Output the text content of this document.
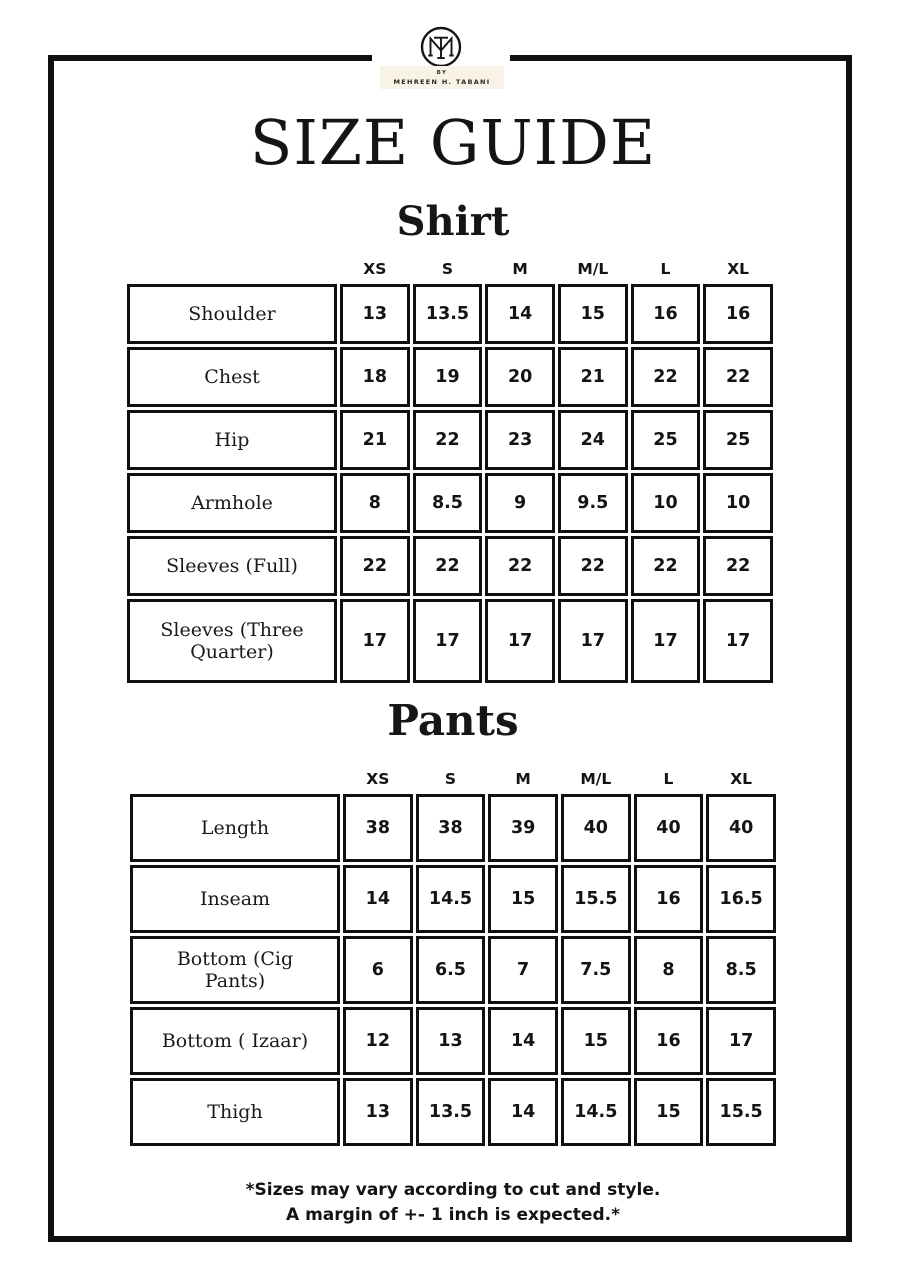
BY
MEHREEN H. TABANI
SIZE GUIDE
Shirt
	XS	S	M	M/L	L	XL
Shoulder	13	13.5	14	15	16	16
Chest	18	19	20	21	22	22
Hip	21	22	23	24	25	25
Armhole	8	8.5	9	9.5	10	10
Sleeves (Full)	22	22	22	22	22	22
Sleeves (Three Quarter)	17	17	17	17	17	17
Pants
	XS	S	M	M/L	L	XL
Length	38	38	39	40	40	40
Inseam	14	14.5	15	15.5	16	16.5
Bottom (Cig Pants)	6	6.5	7	7.5	8	8.5
Bottom ( Izaar)	12	13	14	15	16	17
Thigh	13	13.5	14	14.5	15	15.5
*Sizes may vary according to cut and style.
A margin of +- 1 inch is expected.*
